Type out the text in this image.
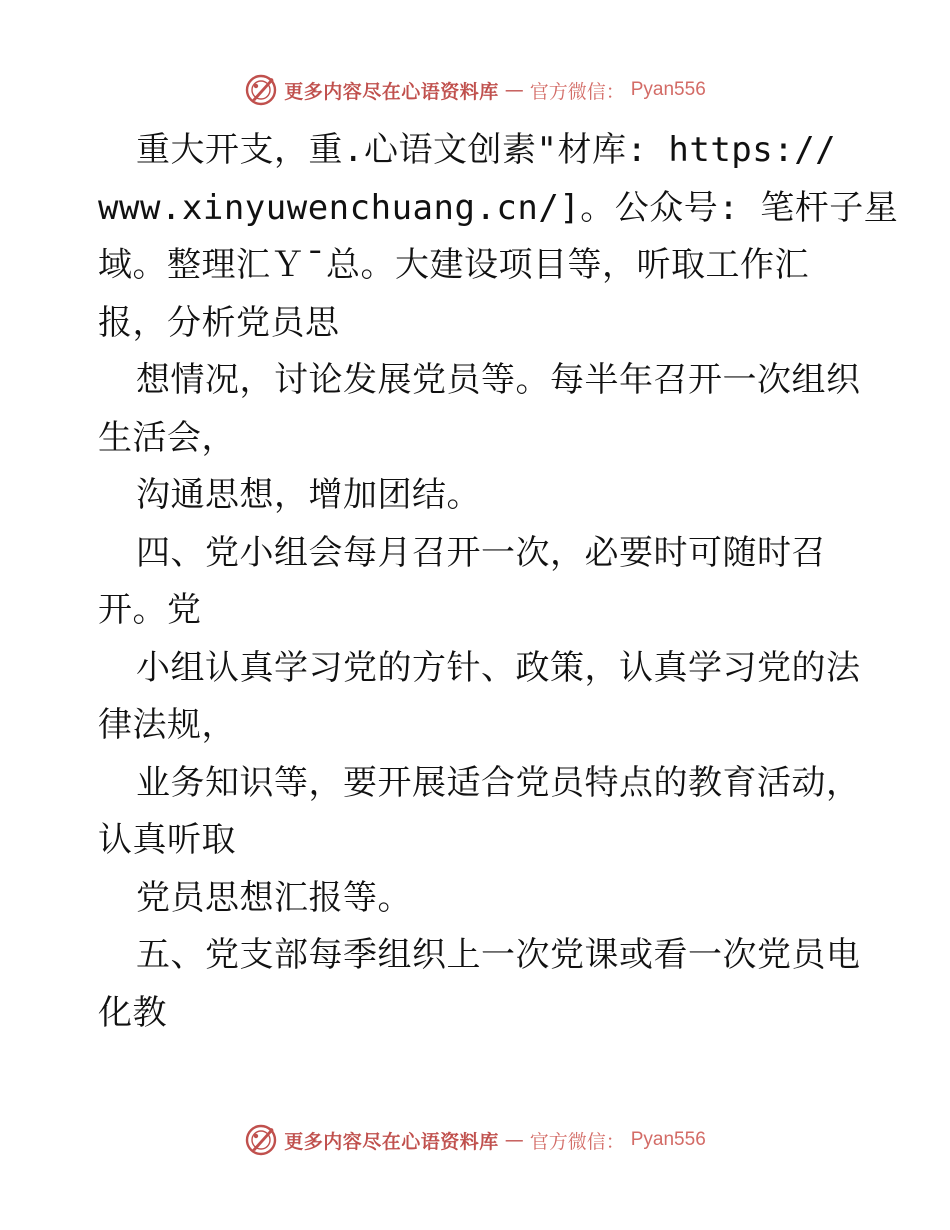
更多内容尽在心语资料库 — 官方微信： Pyan556
重大开支，重.心语文创素"材库: https://
www.xinyuwenchuang.cn/]。公众号: 笔杆子星
域。整理汇Ｙ¯总。大建设项目等，听取工作汇
报，分析党员思
想情况，讨论发展党员等。每半年召开一次组织
生活会，
沟通思想，增加团结。
四、党小组会每月召开一次，必要时可随时召
开。党
小组认真学习党的方针、政策，认真学习党的法
律法规，
业务知识等，要开展适合党员特点的教育活动，
认真听取
党员思想汇报等。
五、党支部每季组织上一次党课或看一次党员电
化教
更多内容尽在心语资料库 — 官方微信： Pyan556
